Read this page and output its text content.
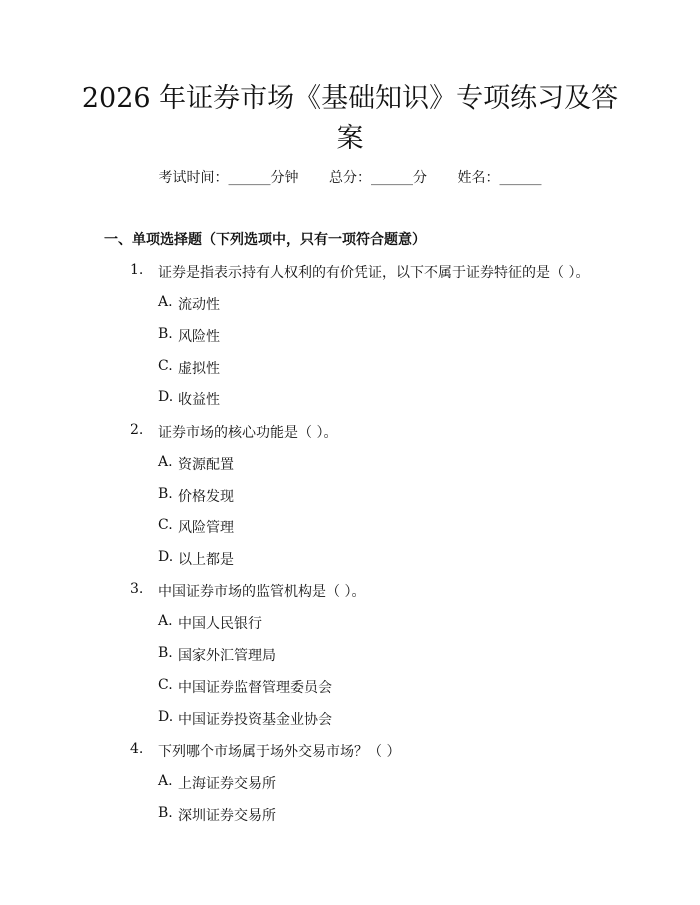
2026 年证券市场《基础知识》专项练习及答
案
考试时间：______分钟 总分：______分 姓名：______
一、单项选择题（下列选项中，只有一项符合题意）
1.	证券是指表示持有人权利的有价凭证，以下不属于证券特征的是（ ）。
A. 流动性
B. 风险性
C. 虚拟性
D. 收益性
2.	证券市场的核心功能是（ ）。
A. 资源配置
B. 价格发现
C. 风险管理
D. 以上都是
3.	中国证券市场的监管机构是（ ）。
A. 中国人民银行
B. 国家外汇管理局
C. 中国证券监督管理委员会
D. 中国证券投资基金业协会
4.	下列哪个市场属于场外交易市场？（ ）
A. 上海证券交易所
B. 深圳证券交易所
